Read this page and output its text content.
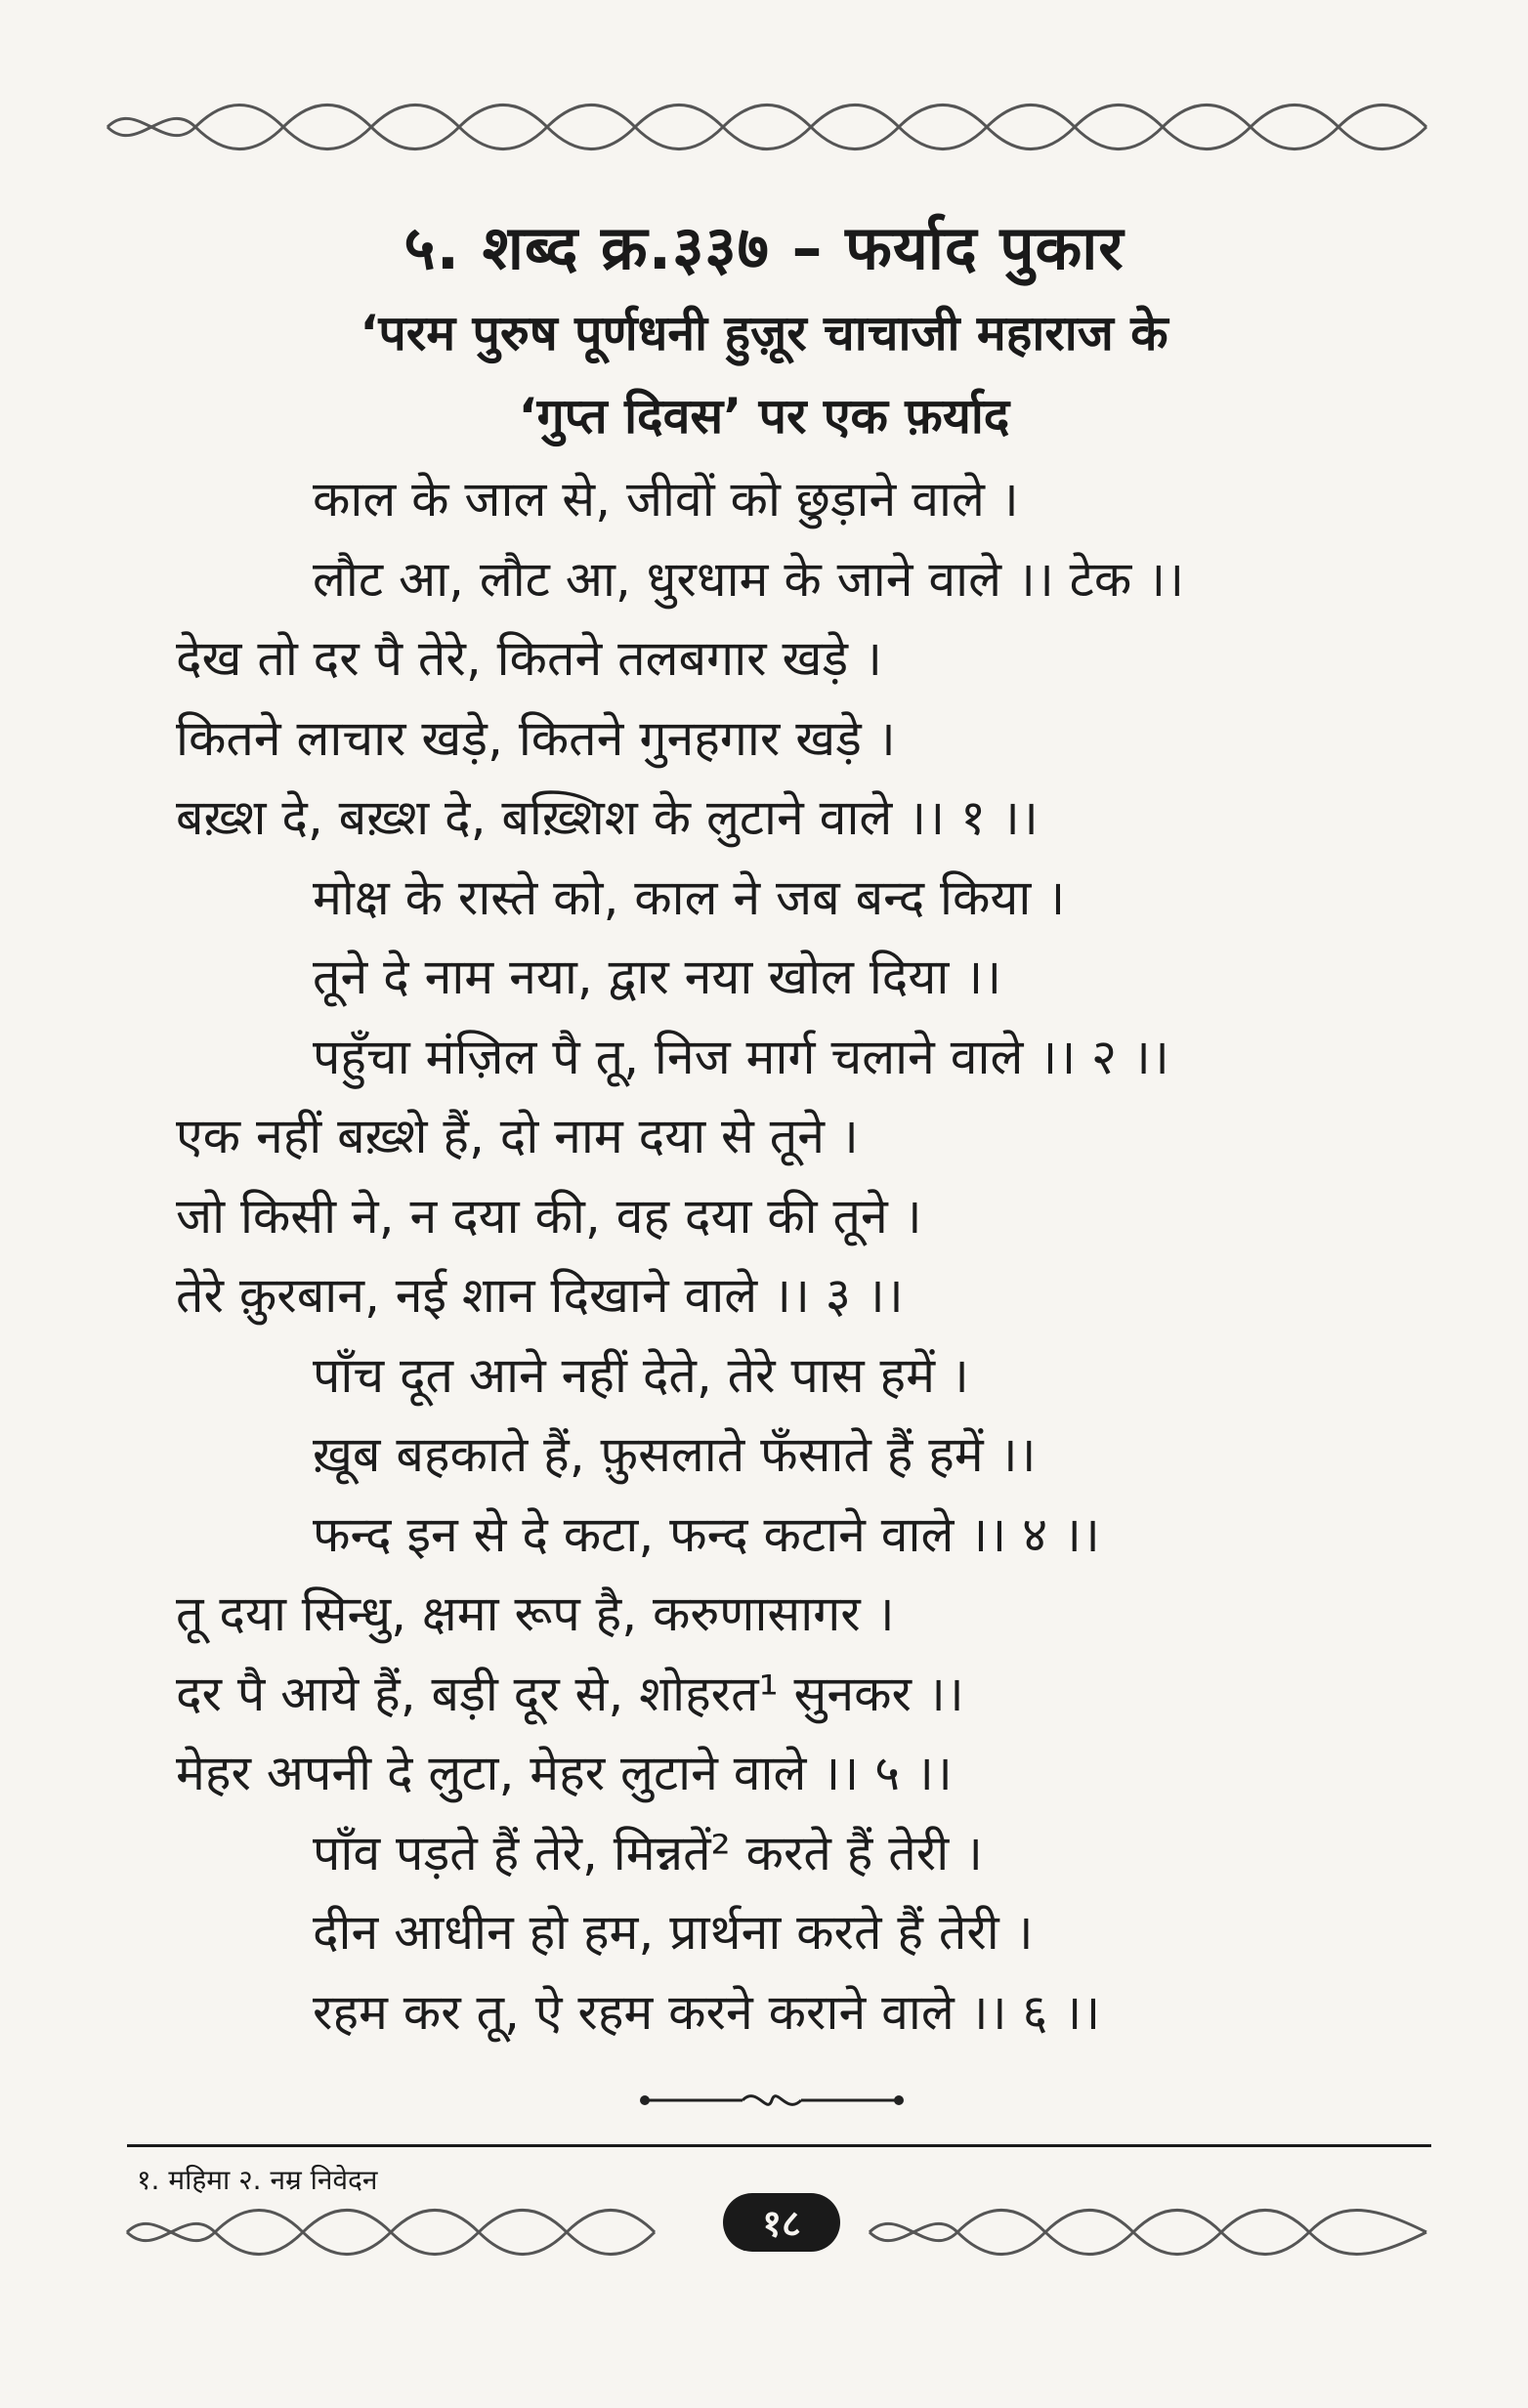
५. शब्द क्र.३३७ – फर्याद पुकार
‘परम पुरुष पूर्णधनी हुज़ूर चाचाजी महाराज के
‘गुप्त दिवस’ पर एक फ़र्याद
काल के जाल से, जीवों को छुड़ाने वाले ।
लौट आ, लौट आ, धुरधाम के जाने वाले ।। टेक ।।
देख तो दर पै तेरे, कितने तलबगार खड़े ।
कितने लाचार खड़े, कितने गुनहगार खड़े ।
बख़्श दे, बख़्श दे, बख़्शिश के लुटाने वाले ।। १ ।।
मोक्ष के रास्ते को, काल ने जब बन्द किया ।
तूने दे नाम नया, द्वार नया खोल दिया ।।
पहुँचा मंज़िल पै तू, निज मार्ग चलाने वाले ।। २ ।।
एक नहीं बख़्शे हैं, दो नाम दया से तूने ।
जो किसी ने, न दया की, वह दया की तूने ।
तेरे क़ुरबान, नई शान दिखाने वाले ।। ३ ।।
पाँच दूत आने नहीं देते, तेरे पास हमें ।
ख़ूब बहकाते हैं, फ़ुसलाते फँसाते हैं हमें ।।
फन्द इन से दे कटा, फन्द कटाने वाले ।। ४ ।।
तू दया सिन्धु, क्षमा रूप है, करुणासागर ।
दर पै आये हैं, बड़ी दूर से, शोहरत¹ सुनकर ।।
मेहर अपनी दे लुटा, मेहर लुटाने वाले ।। ५ ।।
पाँव पड़ते हैं तेरे, मिन्नतें² करते हैं तेरी ।
दीन आधीन हो हम, प्रार्थना करते हैं तेरी ।
रहम कर तू, ऐ रहम करने कराने वाले ।। ६ ।।
१. महिमा २. नम्र निवेदन
१८
